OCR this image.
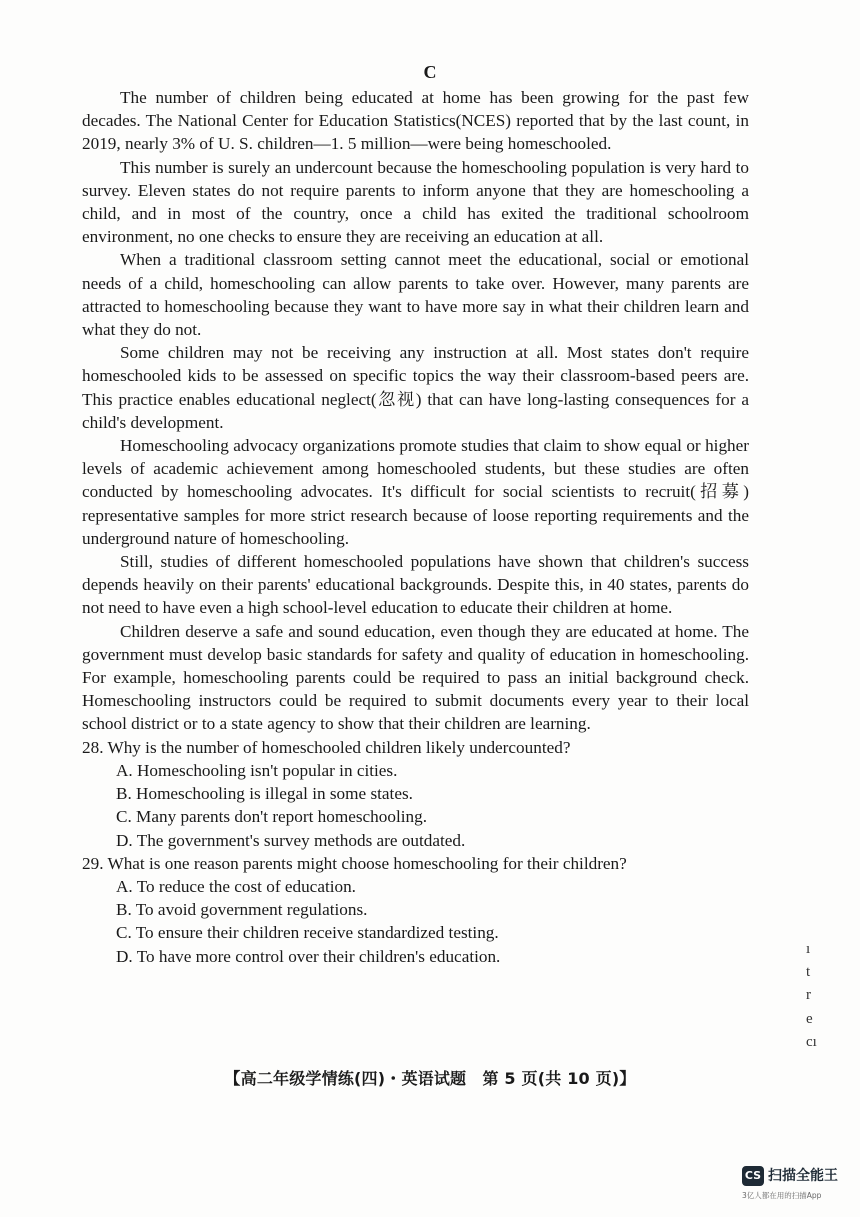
C

The number of children being educated at home has been growing for the past few decades. The National Center for Education Statistics(NCES) reported that by the last count, in 2019, nearly 3% of U. S. children—1. 5 million—were being homeschooled.

This number is surely an undercount because the homeschooling population is very hard to survey. Eleven states do not require parents to inform anyone that they are homeschooling a child, and in most of the country, once a child has exited the traditional schoolroom environment, no one checks to ensure they are receiving an education at all.

When a traditional classroom setting cannot meet the educational, social or emotional needs of a child, homeschooling can allow parents to take over. However, many parents are attracted to homeschooling because they want to have more say in what their children learn and what they do not.

Some children may not be receiving any instruction at all. Most states don't require homeschooled kids to be assessed on specific topics the way their classroom-based peers are. This practice enables educational neglect(忽视) that can have long-lasting consequences for a child's development.

Homeschooling advocacy organizations promote studies that claim to show equal or higher levels of academic achievement among homeschooled students, but these studies are often conducted by homeschooling advocates. It's difficult for social scientists to recruit(招募) representative samples for more strict research because of loose reporting requirements and the underground nature of homeschooling.

Still, studies of different homeschooled populations have shown that children's success depends heavily on their parents' educational backgrounds. Despite this, in 40 states, parents do not need to have even a high school-level education to educate their children at home.

Children deserve a safe and sound education, even though they are educated at home. The government must develop basic standards for safety and quality of education in homeschooling. For example, homeschooling parents could be required to pass an initial background check. Homeschooling instructors could be required to submit documents every year to their local school district or to a state agency to show that their children are learning.

28. Why is the number of homeschooled children likely undercounted?

A. Homeschooling isn't popular in cities.

B. Homeschooling is illegal in some states.

C. Many parents don't report homeschooling.

D. The government's survey methods are outdated.

29. What is one reason parents might choose homeschooling for their children?

A. To reduce the cost of education.

B. To avoid government regulations.

C. To ensure their children receive standardized testing.

D. To have more control over their children's education.	ı
t
r
e
cı
【高二年级学情练(四)・英语试题　第 5 页(共 10 页)】
CS 扫描全能王
3亿人都在用的扫描App
